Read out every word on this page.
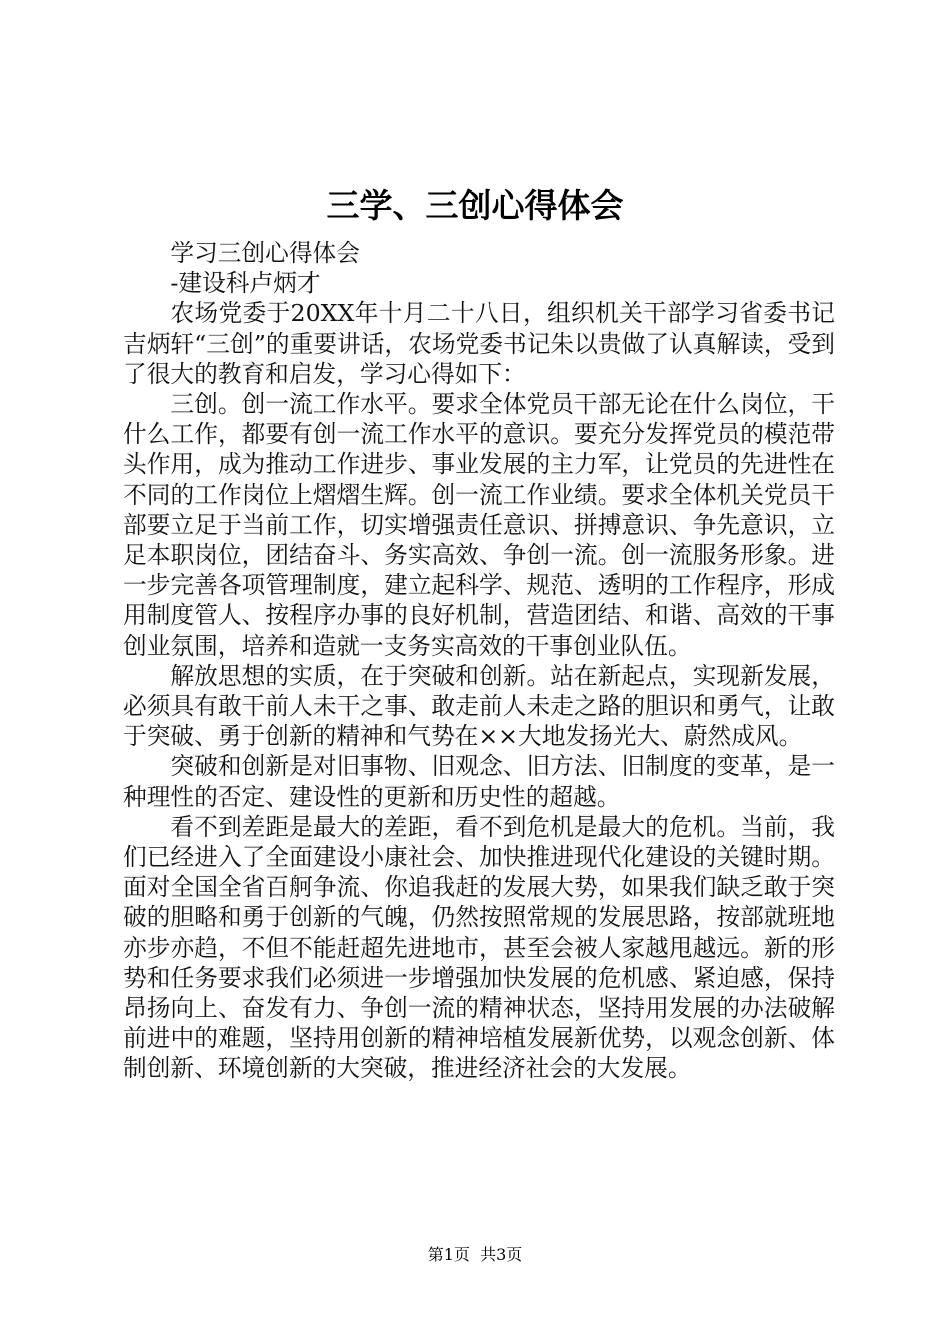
三学、三创心得体会

学习三创心得体会

-建设科卢炳才

农场党委于20XX年十月二十八日，组织机关干部学习省委书记吉炳轩“三创”的重要讲话，农场党委书记朱以贵做了认真解读，受到了很大的教育和启发，学习心得如下：

三创。创一流工作水平。要求全体党员干部无论在什么岗位，干什么工作，都要有创一流工作水平的意识。要充分发挥党员的模范带头作用，成为推动工作进步、事业发展的主力军，让党员的先进性在不同的工作岗位上熠熠生辉。创一流工作业绩。要求全体机关党员干部要立足于当前工作，切实增强责任意识、拼搏意识、争先意识，立足本职岗位，团结奋斗、务实高效、争创一流。创一流服务形象。进一步完善各项管理制度，建立起科学、规范、透明的工作程序，形成用制度管人、按程序办事的良好机制，营造团结、和谐、高效的干事创业氛围，培养和造就一支务实高效的干事创业队伍。

解放思想的实质，在于突破和创新。站在新起点，实现新发展，必须具有敢干前人未干之事、敢走前人未走之路的胆识和勇气，让敢于突破、勇于创新的精神和气势在××大地发扬光大、蔚然成风。

突破和创新是对旧事物、旧观念、旧方法、旧制度的变革，是一种理性的否定、建设性的更新和历史性的超越。

看不到差距是最大的差距，看不到危机是最大的危机。当前，我们已经进入了全面建设小康社会、加快推进现代化建设的关键时期。面对全国全省百舸争流、你追我赶的发展大势，如果我们缺乏敢于突破的胆略和勇于创新的气魄，仍然按照常规的发展思路，按部就班地亦步亦趋，不但不能赶超先进地市，甚至会被人家越甩越远。新的形势和任务要求我们必须进一步增强加快发展的危机感、紧迫感，保持昂扬向上、奋发有力、争创一流的精神状态，坚持用发展的办法破解前进中的难题，坚持用创新的精神培植发展新优势，以观念创新、体制创新、环境创新的大突破，推进经济社会的大发展。

第1页 共3页
